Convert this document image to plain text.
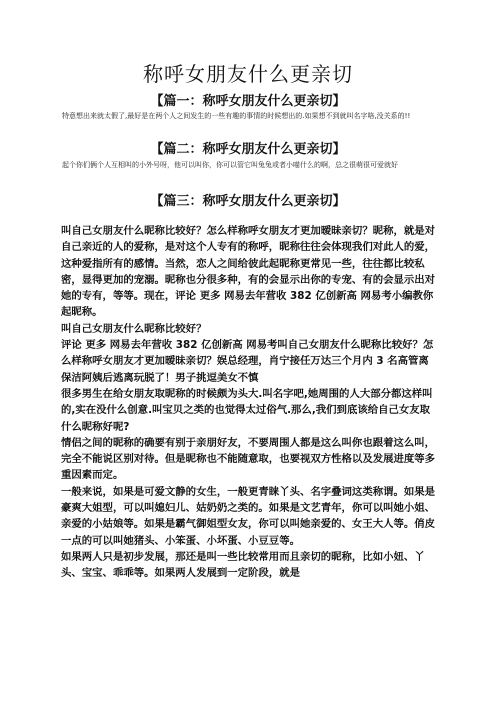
称呼女朋友什么更亲切
【篇一：称呼女朋友什么更亲切】

特意想出来就太假了,最好是在两个人之间发生的一些有趣的事情的时候想出的.如果想不到就叫名字咯,没关系的!!

【篇二：称呼女朋友什么更亲切】

起个你们俩个人互相叫的小外号呀，他可以叫你，你可以管它叫兔兔或者小喵什么的啊，总之很萌很可爱就好

【篇三：称呼女朋友什么更亲切】

叫自己女朋友什么昵称比较好？怎么样称呼女朋友才更加暧昧亲切？昵称，就是对自己亲近的人的爱称，是对这个人专有的称呼，昵称往往会体现我们对此人的爱，这种爱指所有的感情。当然，恋人之间给彼此起昵称更常见一些，往往都比较私密，显得更加的宠溺。昵称也分很多种，有的会显示出你的专宠、有的会显示出对她的专有，等等。现在，评论 更多 网易去年营收 382 亿创新高 网易考小编教你起昵称。

叫自己女朋友什么昵称比较好？

评论 更多 网易去年营收 382 亿创新高 网易考叫自己女朋友什么昵称比较好？怎么样称呼女朋友才更加暧昧亲切？娱总经理，肖宁接任万达三个月内 3 名高管离保洁阿姨后逃离玩脱了！男子挑逗美女不慎

很多男生在给女朋友取昵称的时候颇为头大.叫名字吧,她周围的人大部分都这样叫的,实在没什么创意.叫宝贝之类的也觉得太过俗气.那么,我们到底该给自己女友取什么昵称好呢?

情侣之间的昵称的确要有别于亲朋好友，不要周围人都是这么叫你也跟着这么叫，完全不能说区别对待。但是昵称也不能随意取，也要视双方性格以及发展进度等多重因素而定。

一般来说，如果是可爱文静的女生，一般更青睐丫头、名字叠词这类称谓。如果是豪爽大姐型，可以叫媳妇儿、姑奶奶之类的。如果是文艺青年，你可以叫她小姐、亲爱的小姑娘等。如果是霸气御姐型女友，你可以叫她亲爱的、女王大人等。俏皮一点的可以叫她猪头、小笨蛋、小坏蛋、小豆豆等。

如果两人只是初步发展，那还是叫一些比较常用而且亲切的昵称，比如小妞、丫头、宝宝、乖乖等。如果两人发展到一定阶段，就是
